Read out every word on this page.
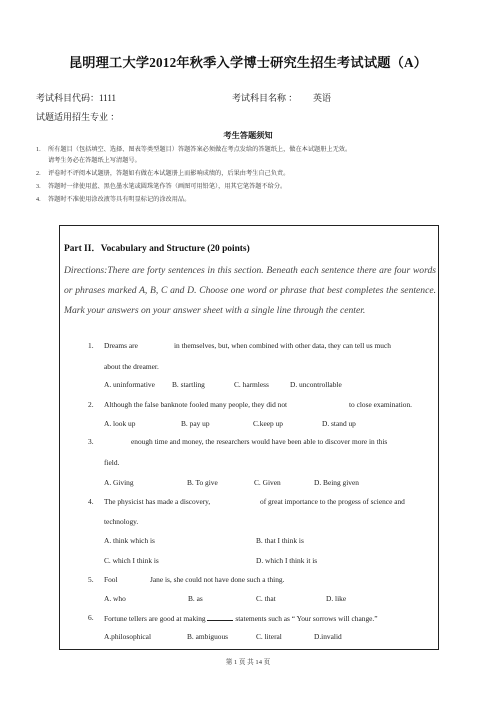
昆明理工大学2012年秋季入学博士研究生招生考试试题（A）
考试科目代码：1111	考试科目名称 ： 英语
试题适用招生专业 ：
考生答题须知
1. 所有题目（包括填空、选择、图表等类型题目）答题答案必须做在考点发给的答题纸上，做在本试题册上无效。
请考生务必在答题纸上写清题号。
2. 评卷时不评阅本试题册，答题如有做在本试题册上而影响成绩的，后果由考生自己负责。
3. 答题时一律使用蓝、黑色墨水笔或圆珠笔作答（画图可用铅笔），用其它笔答题不给分。
4. 答题时不准使用涂改液等具有明显标记的涂改用品。
Part II．Vocabulary and Structure (20 points)
Directions:There are forty sentences in this section. Beneath each sentence there are four words or phrases marked A, B, C and D. Choose one word or phrase that best completes the sentence. Mark your answers on your answer sheet with a single line through the center.
1. Dreams are	in themselves, but, when combined with other data, they can tell us much
about the dreamer.
A. uninformative B. startling	C. harmless	D. uncontrollable
2. Although the false banknote fooled many people, they did not	to close examination.
A. look up	B. pay up	C.keep up	D. stand up
3.	enough time and money, the researchers would have been able to discover more in this
field.
A. Giving	B. To give	C. Given	D. Being given
4. The physicist has made a discovery,	of great importance to the progess of science and
technology.
A. think which is	B. that I think is
C. which I think is	D. which I think it is
5. Fool	Jane is, she could not have done such a thing.
A. who	B. as	C. that	D. like
6. Fortune tellers are good at making	statements such as “ Your sorrows will change.”
A.philosophical	B. ambiguous	C. literal	D.invalid
第 1 页 共 14 页
